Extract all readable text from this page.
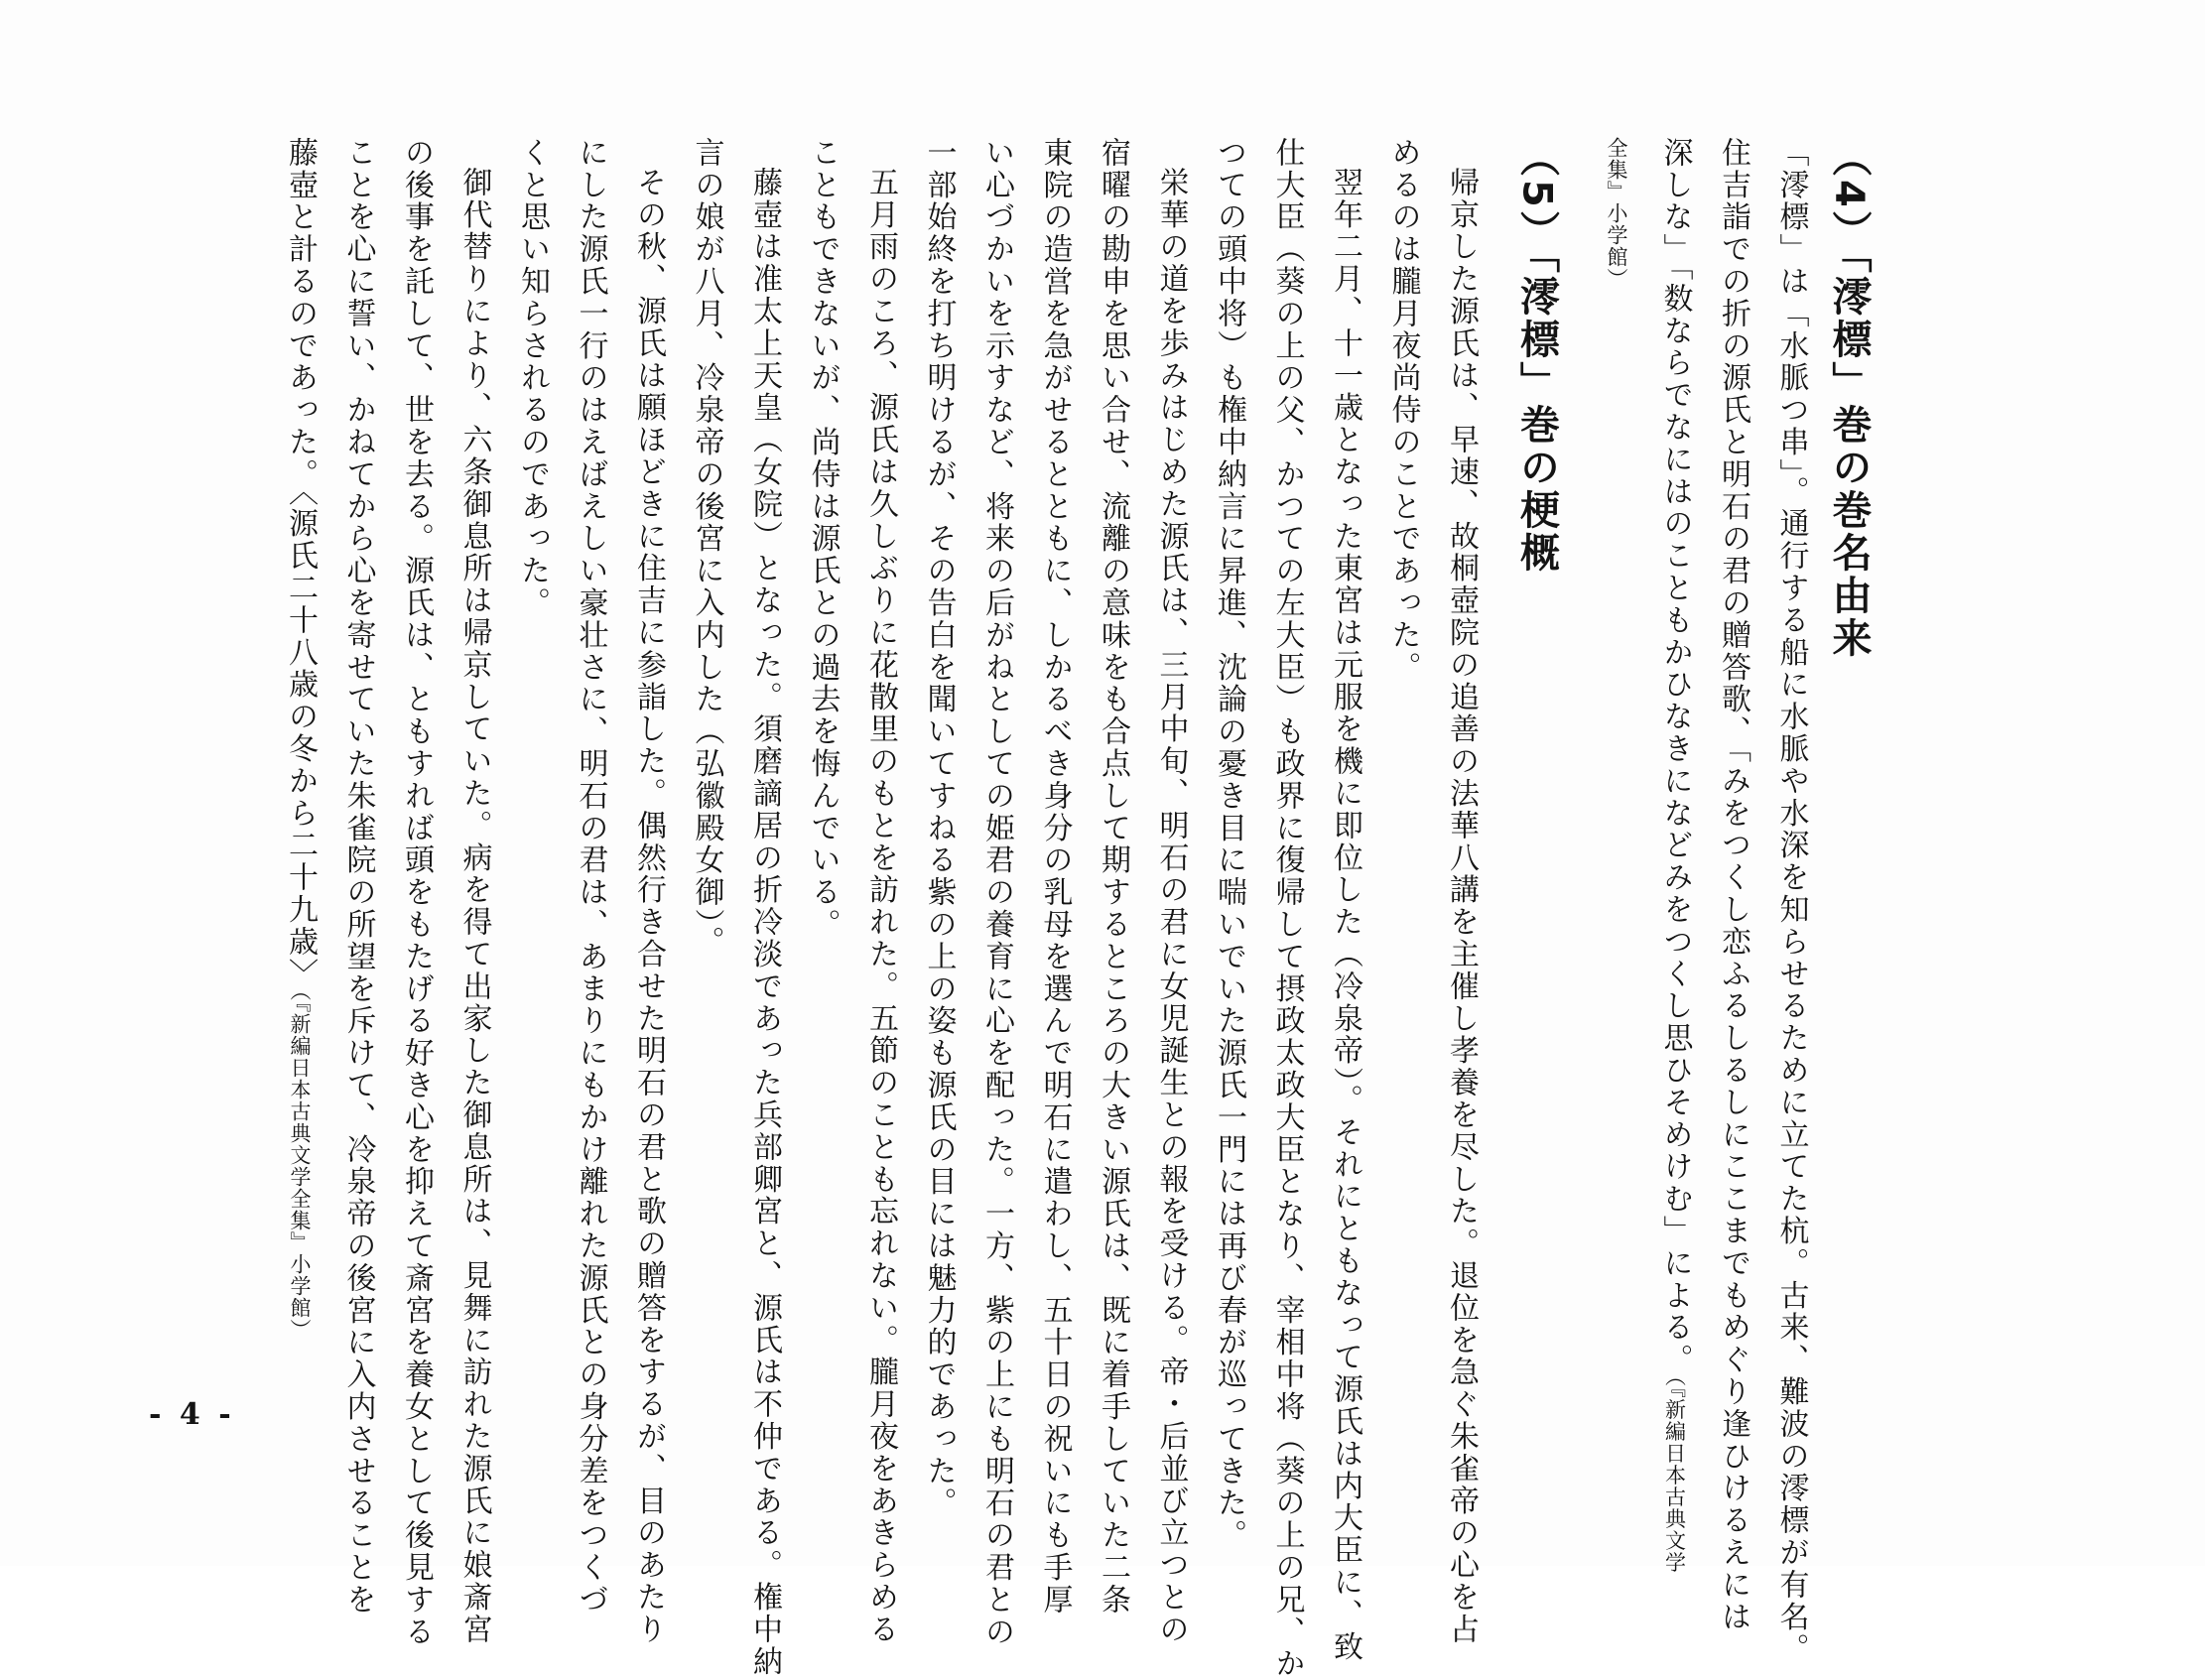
（4）「澪標」巻の巻名由来

「澪標」は「水脈つ串」。通行する船に水脈や水深を知らせるために立てた杭。古来、難波の澪標が有名。

住吉詣での折の源氏と明石の君の贈答歌、「みをつくし恋ふるしるしにここまでもめぐり逢ひけるえには

深しな」「数ならでなにはのこともかひなきになどみをつくし思ひそめけむ」による。（『新編日本古典文学

全集』小学館）

（5）「澪標」巻の梗概

帰京した源氏は、早速、故桐壺院の追善の法華八講を主催し孝養を尽した。退位を急ぐ朱雀帝の心を占

めるのは朧月夜尚侍のことであった。

翌年二月、十一歳となった東宮は元服を機に即位した（冷泉帝）。それにともなって源氏は内大臣に、致

仕大臣（葵の上の父、かつての左大臣）も政界に復帰して摂政太政大臣となり、宰相中将（葵の上の兄、か

つての頭中将）も権中納言に昇進、沈論の憂き目に喘いでいた源氏一門には再び春が巡ってきた。

栄華の道を歩みはじめた源氏は、三月中旬、明石の君に女児誕生との報を受ける。帝・后並び立つとの

宿曜の勘申を思い合せ、流離の意味をも合点して期するところの大きい源氏は、既に着手していた二条

東院の造営を急がせるとともに、しかるべき身分の乳母を選んで明石に遣わし、五十日の祝いにも手厚

い心づかいを示すなど、将来の后がねとしての姫君の養育に心を配った。一方、紫の上にも明石の君との

一部始終を打ち明けるが、その告白を聞いてすねる紫の上の姿も源氏の目には魅力的であった。

五月雨のころ、源氏は久しぶりに花散里のもとを訪れた。五節のことも忘れない。朧月夜をあきらめる

こともできないが、尚侍は源氏との過去を悔んでいる。

藤壺は准太上天皇（女院）となった。須磨謫居の折冷淡であった兵部卿宮と、源氏は不仲である。権中納

言の娘が八月、冷泉帝の後宮に入内した（弘徽殿女御）。

その秋、源氏は願ほどきに住吉に参詣した。偶然行き合せた明石の君と歌の贈答をするが、目のあたり

にした源氏一行のはえばえしい豪壮さに、明石の君は、あまりにもかけ離れた源氏との身分差をつくづ

くと思い知らされるのであった。

御代替りにより、六条御息所は帰京していた。病を得て出家した御息所は、見舞に訪れた源氏に娘斎宮

の後事を託して、世を去る。源氏は、ともすれば頭をもたげる好き心を抑えて斎宮を養女として後見する

ことを心に誓い、かねてから心を寄せていた朱雀院の所望を斥けて、冷泉帝の後宮に入内させることを

藤壺と計るのであった。〈源氏二十八歳の冬から二十九歳〉（『新編日本古典文学全集』小学館）

- 4 -
